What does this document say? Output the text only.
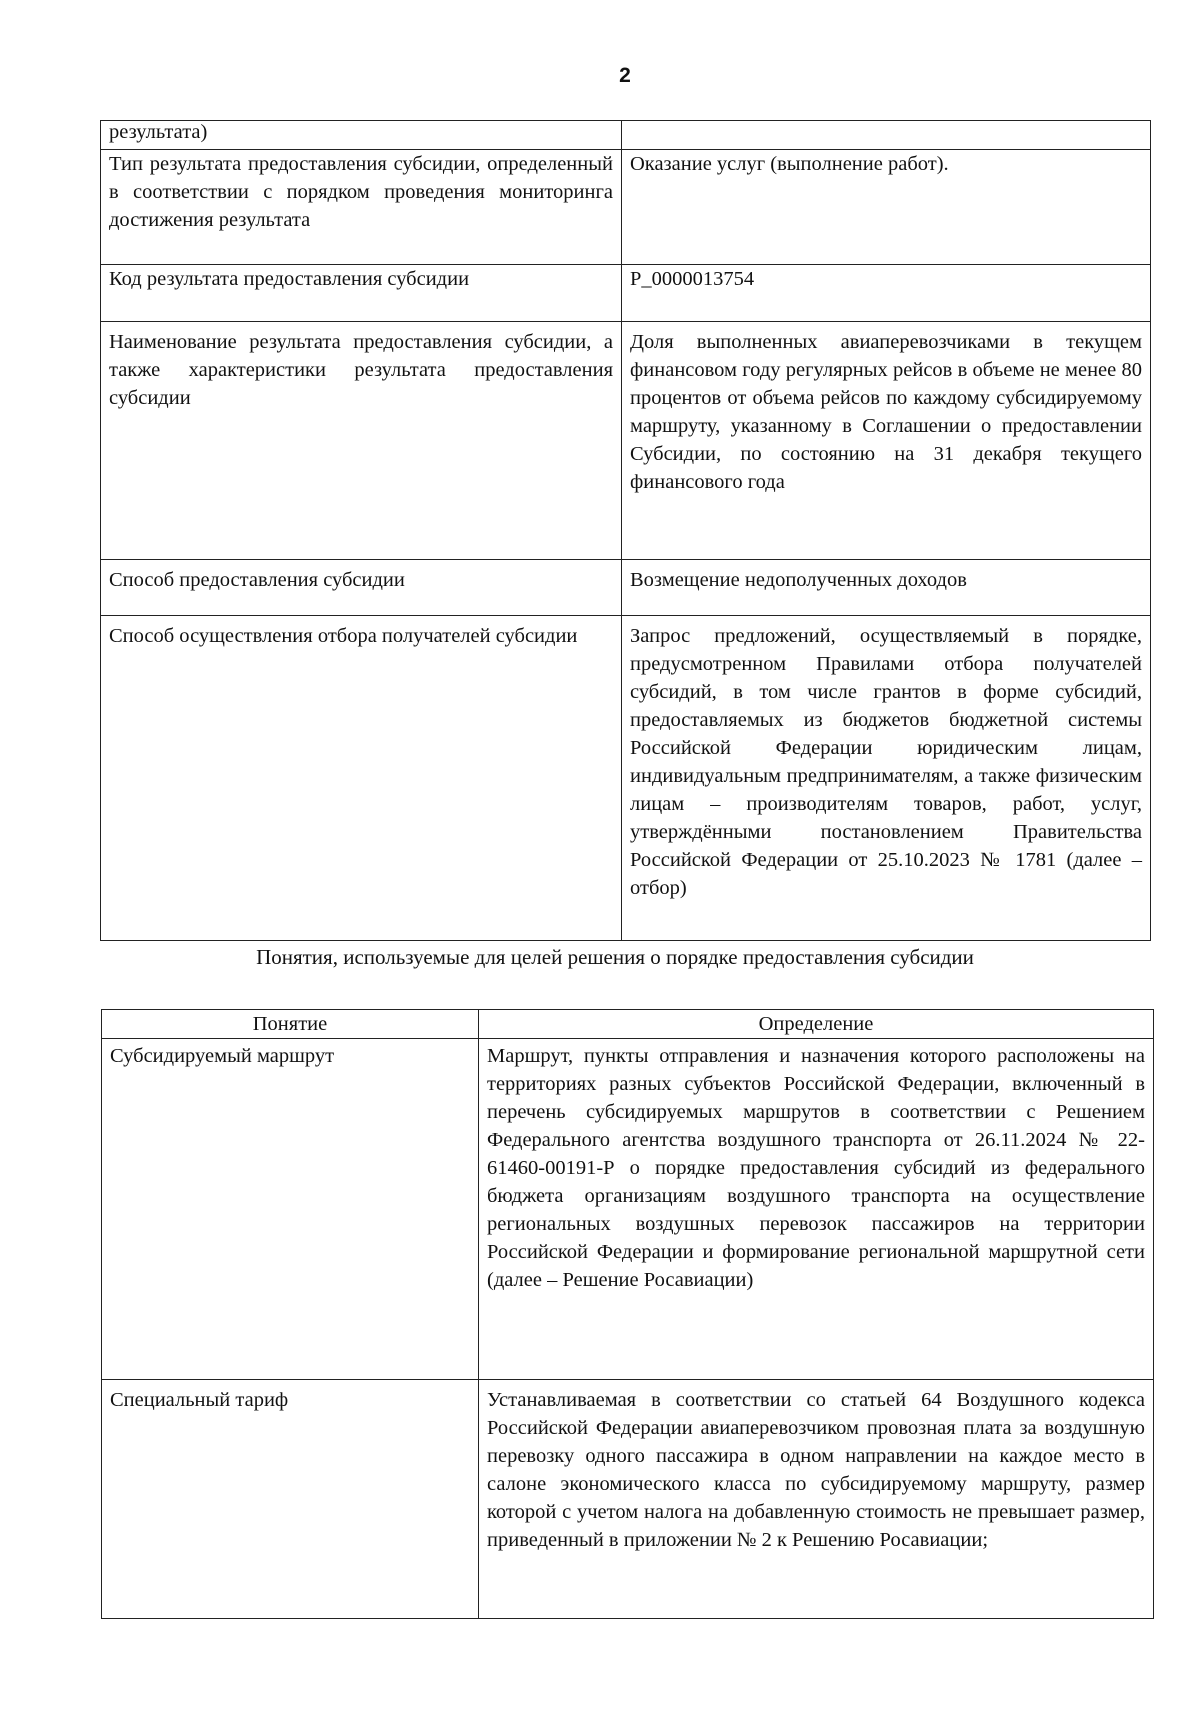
2
результата)	
Тип результата предоставления субсидии, определенный в соответствии с порядком проведения мониторинга достижения результата	Оказание услуг (выполнение работ).
Код результата предоставления субсидии	Р_0000013754
Наименование результата предоставления субсидии, а также характеристики результата предоставления субсидии	Доля выполненных авиаперевозчиками в текущем финансовом году регулярных рейсов в объеме не менее 80 процентов от объема рейсов по каждому субсидируемому маршруту, указанному в Соглашении о предоставлении Субсидии, по состоянию на 31 декабря текущего финансового года
Способ предоставления субсидии	Возмещение недополученных доходов
Способ осуществления отбора получателей субсидии	Запрос предложений, осуществляемый в порядке, предусмотренном Правилами отбора получателей субсидий, в том числе грантов в форме субсидий, предоставляемых из бюджетов бюджетной системы Российской Федерации юридическим лицам, индивидуальным предпринимателям, а также физическим лицам – производителям товаров, работ, услуг, утверждёнными постановлением Правительства Российской Федерации от 25.10.2023 № 1781 (далее – отбор)
Понятия, используемые для целей решения о порядке предоставления субсидии
Понятие	Определение
Субсидируемый маршрут	Маршрут, пункты отправления и назначения которого расположены на территориях разных субъектов Российской Федерации, включенный в перечень субсидируемых маршрутов в соответствии с Решением Федерального агентства воздушного транспорта от 26.11.2024 № 22-61460-00191-Р о порядке предоставления субсидий из федерального бюджета организациям воздушного транспорта на осуществление региональных воздушных перевозок пассажиров на территории Российской Федерации и формирование региональной маршрутной сети (далее – Решение Росавиации)
Специальный тариф	Устанавливаемая в соответствии со статьей 64 Воздушного кодекса Российской Федерации авиаперевозчиком провозная плата за воздушную перевозку одного пассажира в одном направлении на каждое место в салоне экономического класса по субсидируемому маршруту, размер которой с учетом налога на добавленную стоимость не превышает размер, приведенный в приложении № 2 к Решению Росавиации;
